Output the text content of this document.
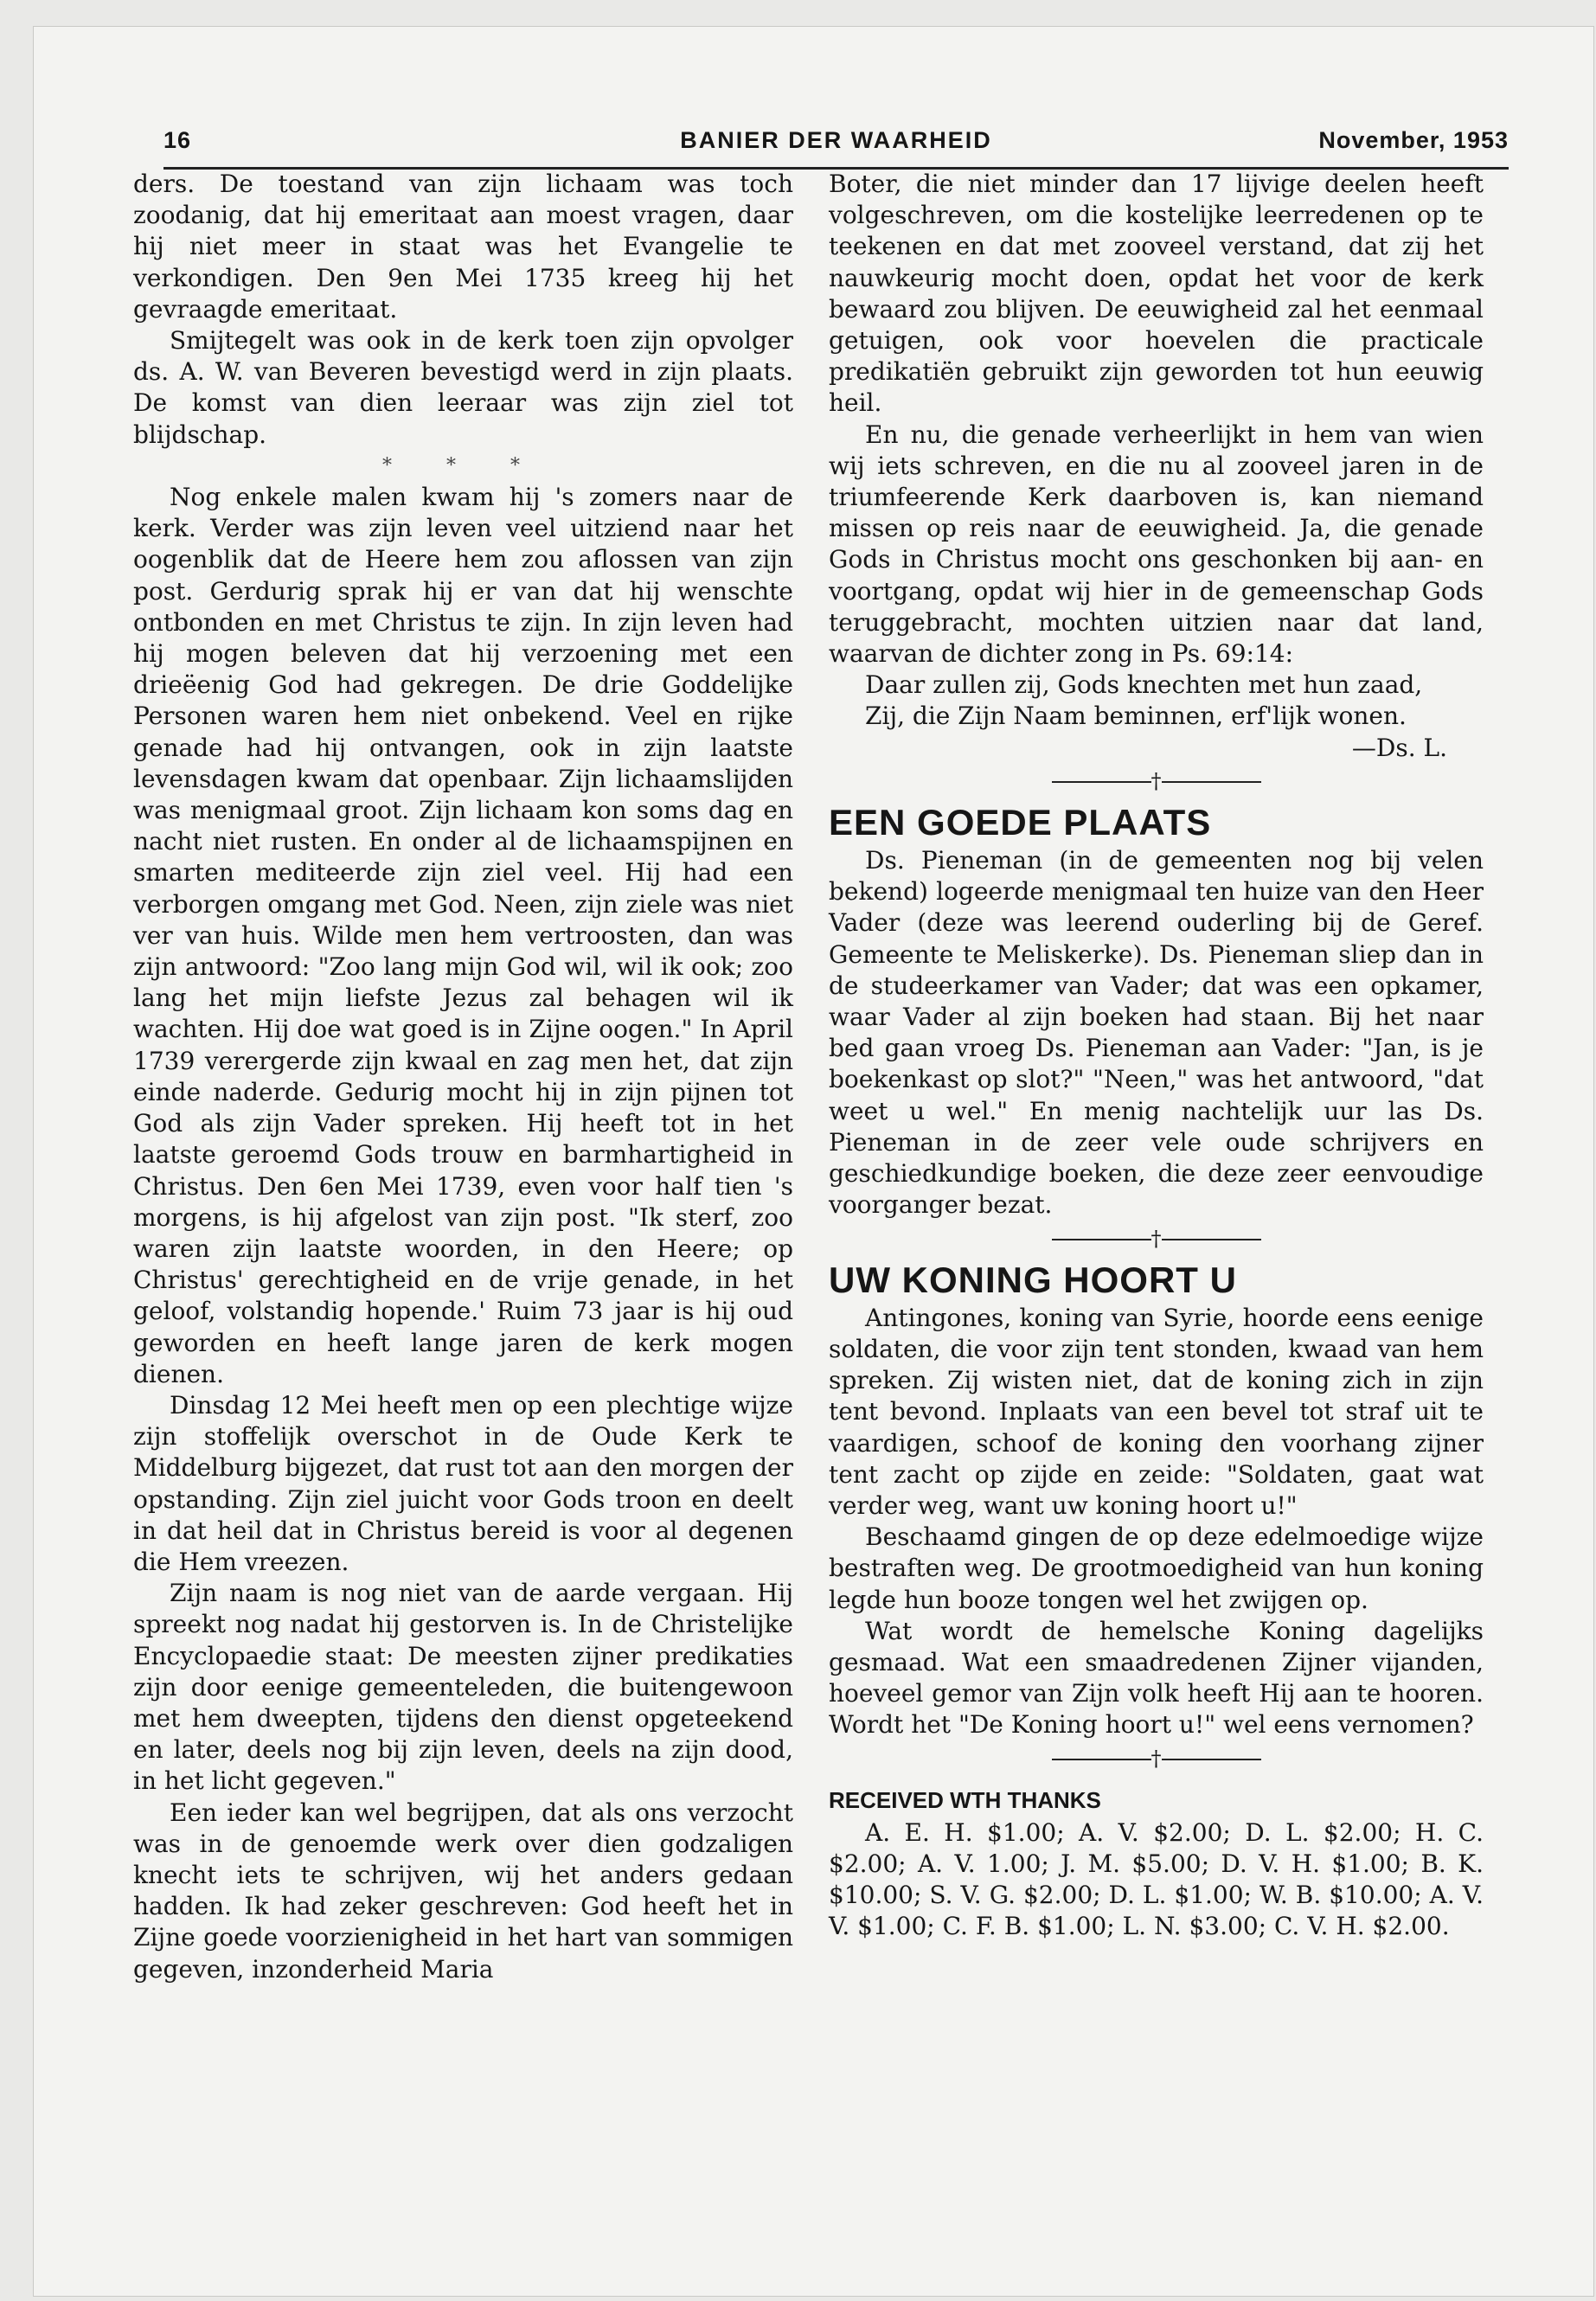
16	BANIER DER WAARHEID	November, 1953

ders. De toestand van zijn lichaam was toch zoodanig, dat hij emeritaat aan moest vragen, daar hij niet meer in staat was het Evangelie te verkondigen. Den 9en Mei 1735 kreeg hij het gevraagde emeritaat.

Smijtegelt was ook in de kerk toen zijn opvolger ds. A. W. van Beveren bevestigd werd in zijn plaats. De komst van dien leeraar was zijn ziel tot blijdschap.

* * *

Nog enkele malen kwam hij 's zomers naar de kerk. Verder was zijn leven veel uitziend naar het oogenblik dat de Heere hem zou aflossen van zijn post. Gerdurig sprak hij er van dat hij wenschte ontbonden en met Christus te zijn. In zijn leven had hij mogen beleven dat hij verzoening met een drieëenig God had gekregen. De drie Goddelijke Personen waren hem niet onbekend. Veel en rijke genade had hij ontvangen, ook in zijn laatste levensdagen kwam dat openbaar. Zijn lichaamslijden was menigmaal groot. Zijn lichaam kon soms dag en nacht niet rusten. En onder al de lichaamspijnen en smarten mediteerde zijn ziel veel. Hij had een verborgen omgang met God. Neen, zijn ziele was niet ver van huis. Wilde men hem vertroosten, dan was zijn antwoord: "Zoo lang mijn God wil, wil ik ook; zoo lang het mijn liefste Jezus zal behagen wil ik wachten. Hij doe wat goed is in Zijne oogen." In April 1739 verergerde zijn kwaal en zag men het, dat zijn einde naderde. Gedurig mocht hij in zijn pijnen tot God als zijn Vader spreken. Hij heeft tot in het laatste geroemd Gods trouw en barmhartigheid in Christus. Den 6en Mei 1739, even voor half tien 's morgens, is hij afgelost van zijn post. "Ik sterf, zoo waren zijn laatste woorden, in den Heere; op Christus' gerechtigheid en de vrije genade, in het geloof, volstandig hopende.' Ruim 73 jaar is hij oud geworden en heeft lange jaren de kerk mogen dienen.

Dinsdag 12 Mei heeft men op een plechtige wijze zijn stoffelijk overschot in de Oude Kerk te Middelburg bijgezet, dat rust tot aan den morgen der opstanding. Zijn ziel juicht voor Gods troon en deelt in dat heil dat in Christus bereid is voor al degenen die Hem vreezen.

Zijn naam is nog niet van de aarde vergaan. Hij spreekt nog nadat hij gestorven is. In de Christelijke Encyclopaedie staat: De meesten zijner predikaties zijn door eenige gemeenteleden, die buitengewoon met hem dweepten, tijdens den dienst opgeteekend en later, deels nog bij zijn leven, deels na zijn dood, in het licht gegeven."

Een ieder kan wel begrijpen, dat als ons verzocht was in de genoemde werk over dien godzaligen knecht iets te schrijven, wij het anders gedaan hadden. Ik had zeker geschreven: God heeft het in Zijne goede voorzienigheid in het hart van sommigen gegeven, inzonderheid Maria

Boter, die niet minder dan 17 lijvige deelen heeft volgeschreven, om die kostelijke leerredenen op te teekenen en dat met zooveel verstand, dat zij het nauwkeurig mocht doen, opdat het voor de kerk bewaard zou blijven. De eeuwigheid zal het eenmaal getuigen, ook voor hoevelen die practicale predikatiën gebruikt zijn geworden tot hun eeuwig heil.

En nu, die genade verheerlijkt in hem van wien wij iets schreven, en die nu al zooveel jaren in de triumfeerende Kerk daarboven is, kan niemand missen op reis naar de eeuwigheid. Ja, die genade Gods in Christus mocht ons geschonken bij aan- en voortgang, opdat wij hier in de gemeenschap Gods teruggebracht, mochten uitzien naar dat land, waarvan de dichter zong in Ps. 69:14:

Daar zullen zij, Gods knechten met hun zaad,

Zij, die Zijn Naam beminnen, erf'lijk wonen.

—Ds. L.

†
EEN GOEDE PLAATS

Ds. Pieneman (in de gemeenten nog bij velen bekend) logeerde menigmaal ten huize van den Heer Vader (deze was leerend ouderling bij de Geref. Gemeente te Meliskerke). Ds. Pieneman sliep dan in de studeerkamer van Vader; dat was een opkamer, waar Vader al zijn boeken had staan. Bij het naar bed gaan vroeg Ds. Pieneman aan Vader: "Jan, is je boekenkast op slot?" "Neen," was het antwoord, "dat weet u wel." En menig nachtelijk uur las Ds. Pieneman in de zeer vele oude schrijvers en geschiedkundige boeken, die deze zeer eenvoudige voorganger bezat.

†
UW KONING HOORT U

Antingones, koning van Syrie, hoorde eens eenige soldaten, die voor zijn tent stonden, kwaad van hem spreken. Zij wisten niet, dat de koning zich in zijn tent bevond. Inplaats van een bevel tot straf uit te vaardigen, schoof de koning den voorhang zijner tent zacht op zijde en zeide: "Soldaten, gaat wat verder weg, want uw koning hoort u!"

Beschaamd gingen de op deze edelmoedige wijze bestraften weg. De grootmoedigheid van hun koning legde hun booze tongen wel het zwijgen op.

Wat wordt de hemelsche Koning dagelijks gesmaad. Wat een smaadredenen Zijner vijanden, hoeveel gemor van Zijn volk heeft Hij aan te hooren. Wordt het "De Koning hoort u!" wel eens vernomen?

†
RECEIVED WTH THANKS

A. E. H. $1.00; A. V. $2.00; D. L. $2.00; H. C. $2.00; A. V. 1.00; J. M. $5.00; D. V. H. $1.00; B. K. $10.00; S. V. G. $2.00; D. L. $1.00; W. B. $10.00; A. V. V. $1.00; C. F. B. $1.00; L. N. $3.00; C. V. H. $2.00.
